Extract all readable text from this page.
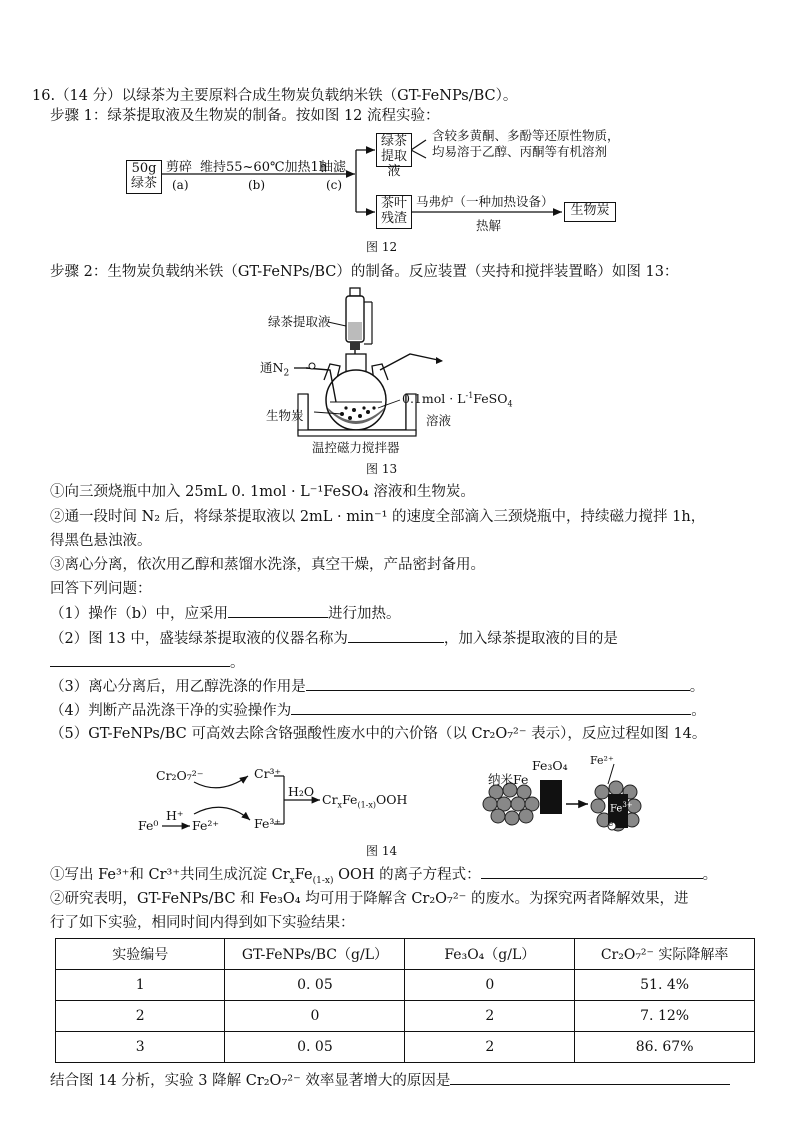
16.（14 分）以绿茶为主要原料合成生物炭负载纳米铁（GT-FeNPs/BC）。
步骤 1：绿茶提取液及生物炭的制备。按如图 12 流程实验：
50g
绿茶
剪碎
(a)
维持55~60℃加热1h
(b)
抽滤
(c)
绿茶
提取液
含较多黄酮、多酚等还原性物质，
均易溶于乙醇、丙酮等有机溶剂
茶叶
残渣
马弗炉（一种加热设备）
热解
生物炭
图 12
步骤 2：生物炭负载纳米铁（GT-FeNPs/BC）的制备。反应装置（夹持和搅拌装置略）如图 13：
绿茶提取液
通$N_2$
生物炭
$0.1mol \cdot L^{-1}FeSO_4$
溶液
温控磁力搅拌器
图 13
①向三颈烧瓶中加入 25mL 0. 1mol · L⁻¹FeSO₄ 溶液和生物炭。
②通一段时间 N₂ 后，将绿茶提取液以 2mL · min⁻¹ 的速度全部滴入三颈烧瓶中，持续磁力搅拌 1h，
得黑色悬浊液。
③离心分离，依次用乙醇和蒸馏水洗涤，真空干燥，产品密封备用。
回答下列问题：
（1）操作（b）中，应采用	进行加热。
（2）图 13 中，盛装绿茶提取液的仪器名称为	，加入绿茶提取液的目的是
。
（3）离心分离后，用乙醇洗涤的作用是	。
（4）判断产品洗涤干净的实验操作为	。
（5）GT-FeNPs/BC 可高效去除含铬强酸性废水中的六价铬（以 Cr₂O₇²⁻ 表示），反应过程如图 14。
Cr₂O₇²⁻	Cr³⁺
Fe⁰
H⁺
Fe²⁺	Fe³⁺
H₂O
$Cr_xFe_{(1-x)}OOH$
Fe₃O₄
纳米Fe
Fe²⁺
$Fe^{3+}$
e
图 14
①写出 Fe³⁺和 Cr³⁺共同生成沉淀 $Cr_xFe_{(1-x)}$ OOH 的离子方程式：	。
②研究表明，GT-FeNPs/BC 和 Fe₃O₄ 均可用于降解含 Cr₂O₇²⁻ 的废水。为探究两者降解效果，进
行了如下实验，相同时间内得到如下实验结果：
实验编号	GT-FeNPs/BC（g/L）	Fe₃O₄（g/L）	Cr₂O₇²⁻ 实际降解率
1	0. 05	0	51. 4%
2	0	2	7. 12%
3	0. 05	2	86. 67%
结合图 14 分析，实验 3 降解 Cr₂O₇²⁻ 效率显著增大的原因是
